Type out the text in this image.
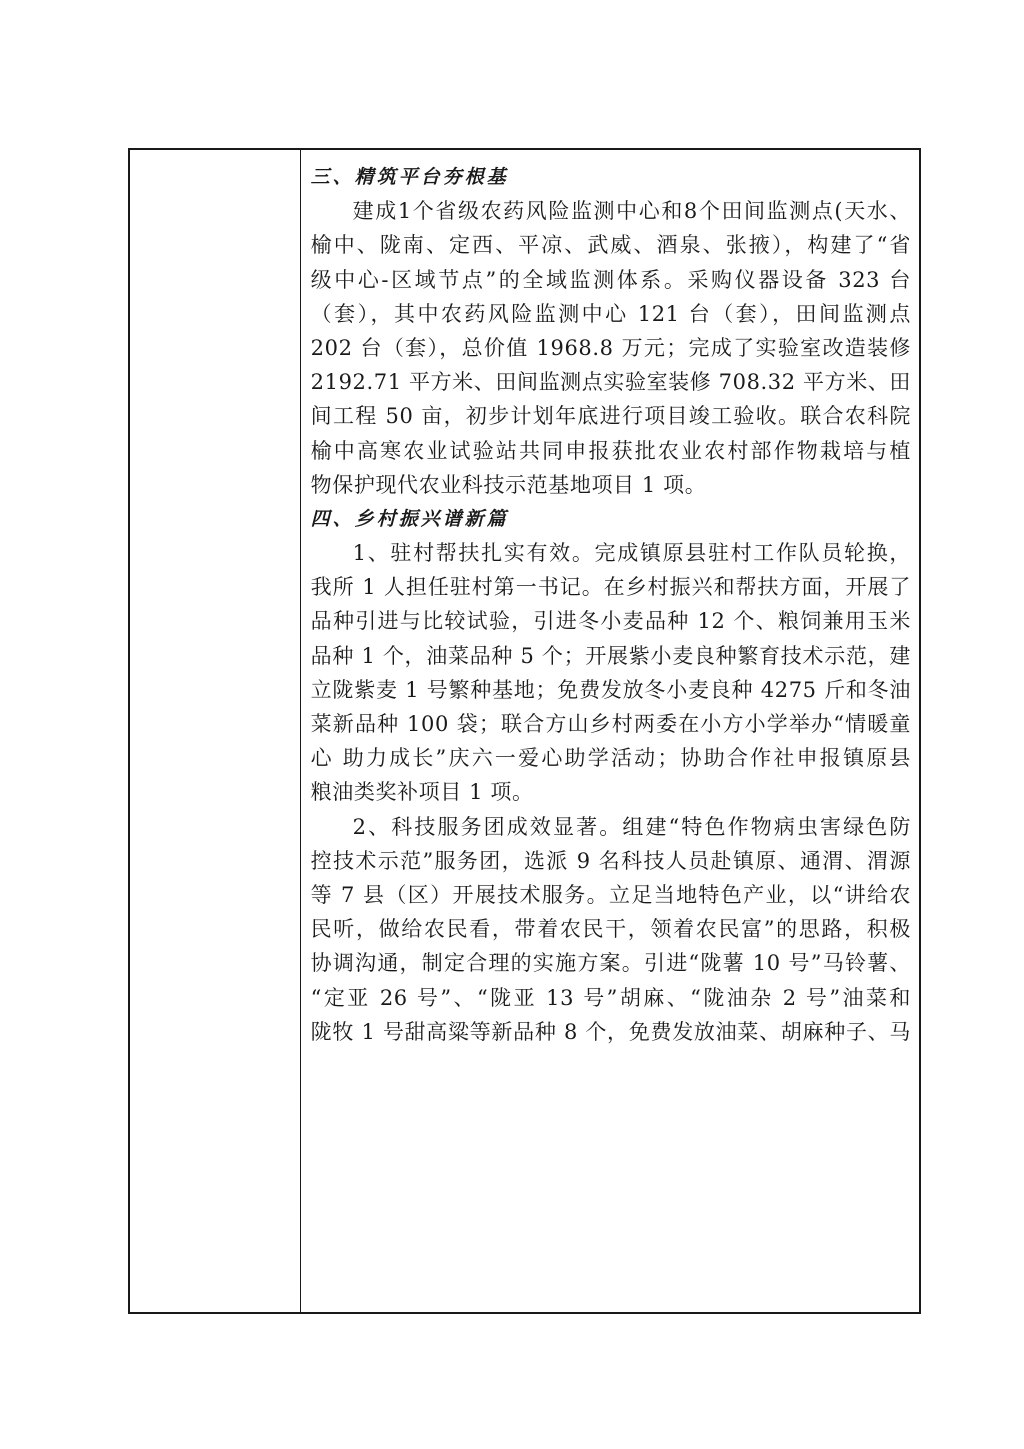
三、精筑平台夯根基
建成1个省级农药风险监测中心和8个田间监测点(天水、
榆中、陇南、定西、平凉、武威、酒泉、张掖），构建了“省
级中心-区域节点”的全域监测体系。采购仪器设备 323 台
（套），其中农药风险监测中心 121 台（套），田间监测点
202 台（套），总价值 1968.8 万元；完成了实验室改造装修
2192.71 平方米、田间监测点实验室装修 708.32 平方米、田
间工程 50 亩，初步计划年底进行项目竣工验收。联合农科院
榆中高寒农业试验站共同申报获批农业农村部作物栽培与植
物保护现代农业科技示范基地项目 1 项。
四、乡村振兴谱新篇
1、驻村帮扶扎实有效。完成镇原县驻村工作队员轮换，
我所 1 人担任驻村第一书记。在乡村振兴和帮扶方面，开展了
品种引进与比较试验，引进冬小麦品种 12 个、粮饲兼用玉米
品种 1 个，油菜品种 5 个；开展紫小麦良种繁育技术示范，建
立陇紫麦 1 号繁种基地；免费发放冬小麦良种 4275 斤和冬油
菜新品种 100 袋；联合方山乡村两委在小方小学举办“情暖童
心 助力成长”庆六一爱心助学活动；协助合作社申报镇原县
粮油类奖补项目 1 项。
2、科技服务团成效显著。组建“特色作物病虫害绿色防
控技术示范”服务团，选派 9 名科技人员赴镇原、通渭、渭源
等 7 县（区）开展技术服务。立足当地特色产业，以“讲给农
民听，做给农民看，带着农民干，领着农民富”的思路，积极
协调沟通，制定合理的实施方案。引进“陇薯 10 号”马铃薯、
“定亚 26 号”、“陇亚 13 号”胡麻、“陇油杂 2 号”油菜和
陇牧 1 号甜高粱等新品种 8 个，免费发放油菜、胡麻种子、马
